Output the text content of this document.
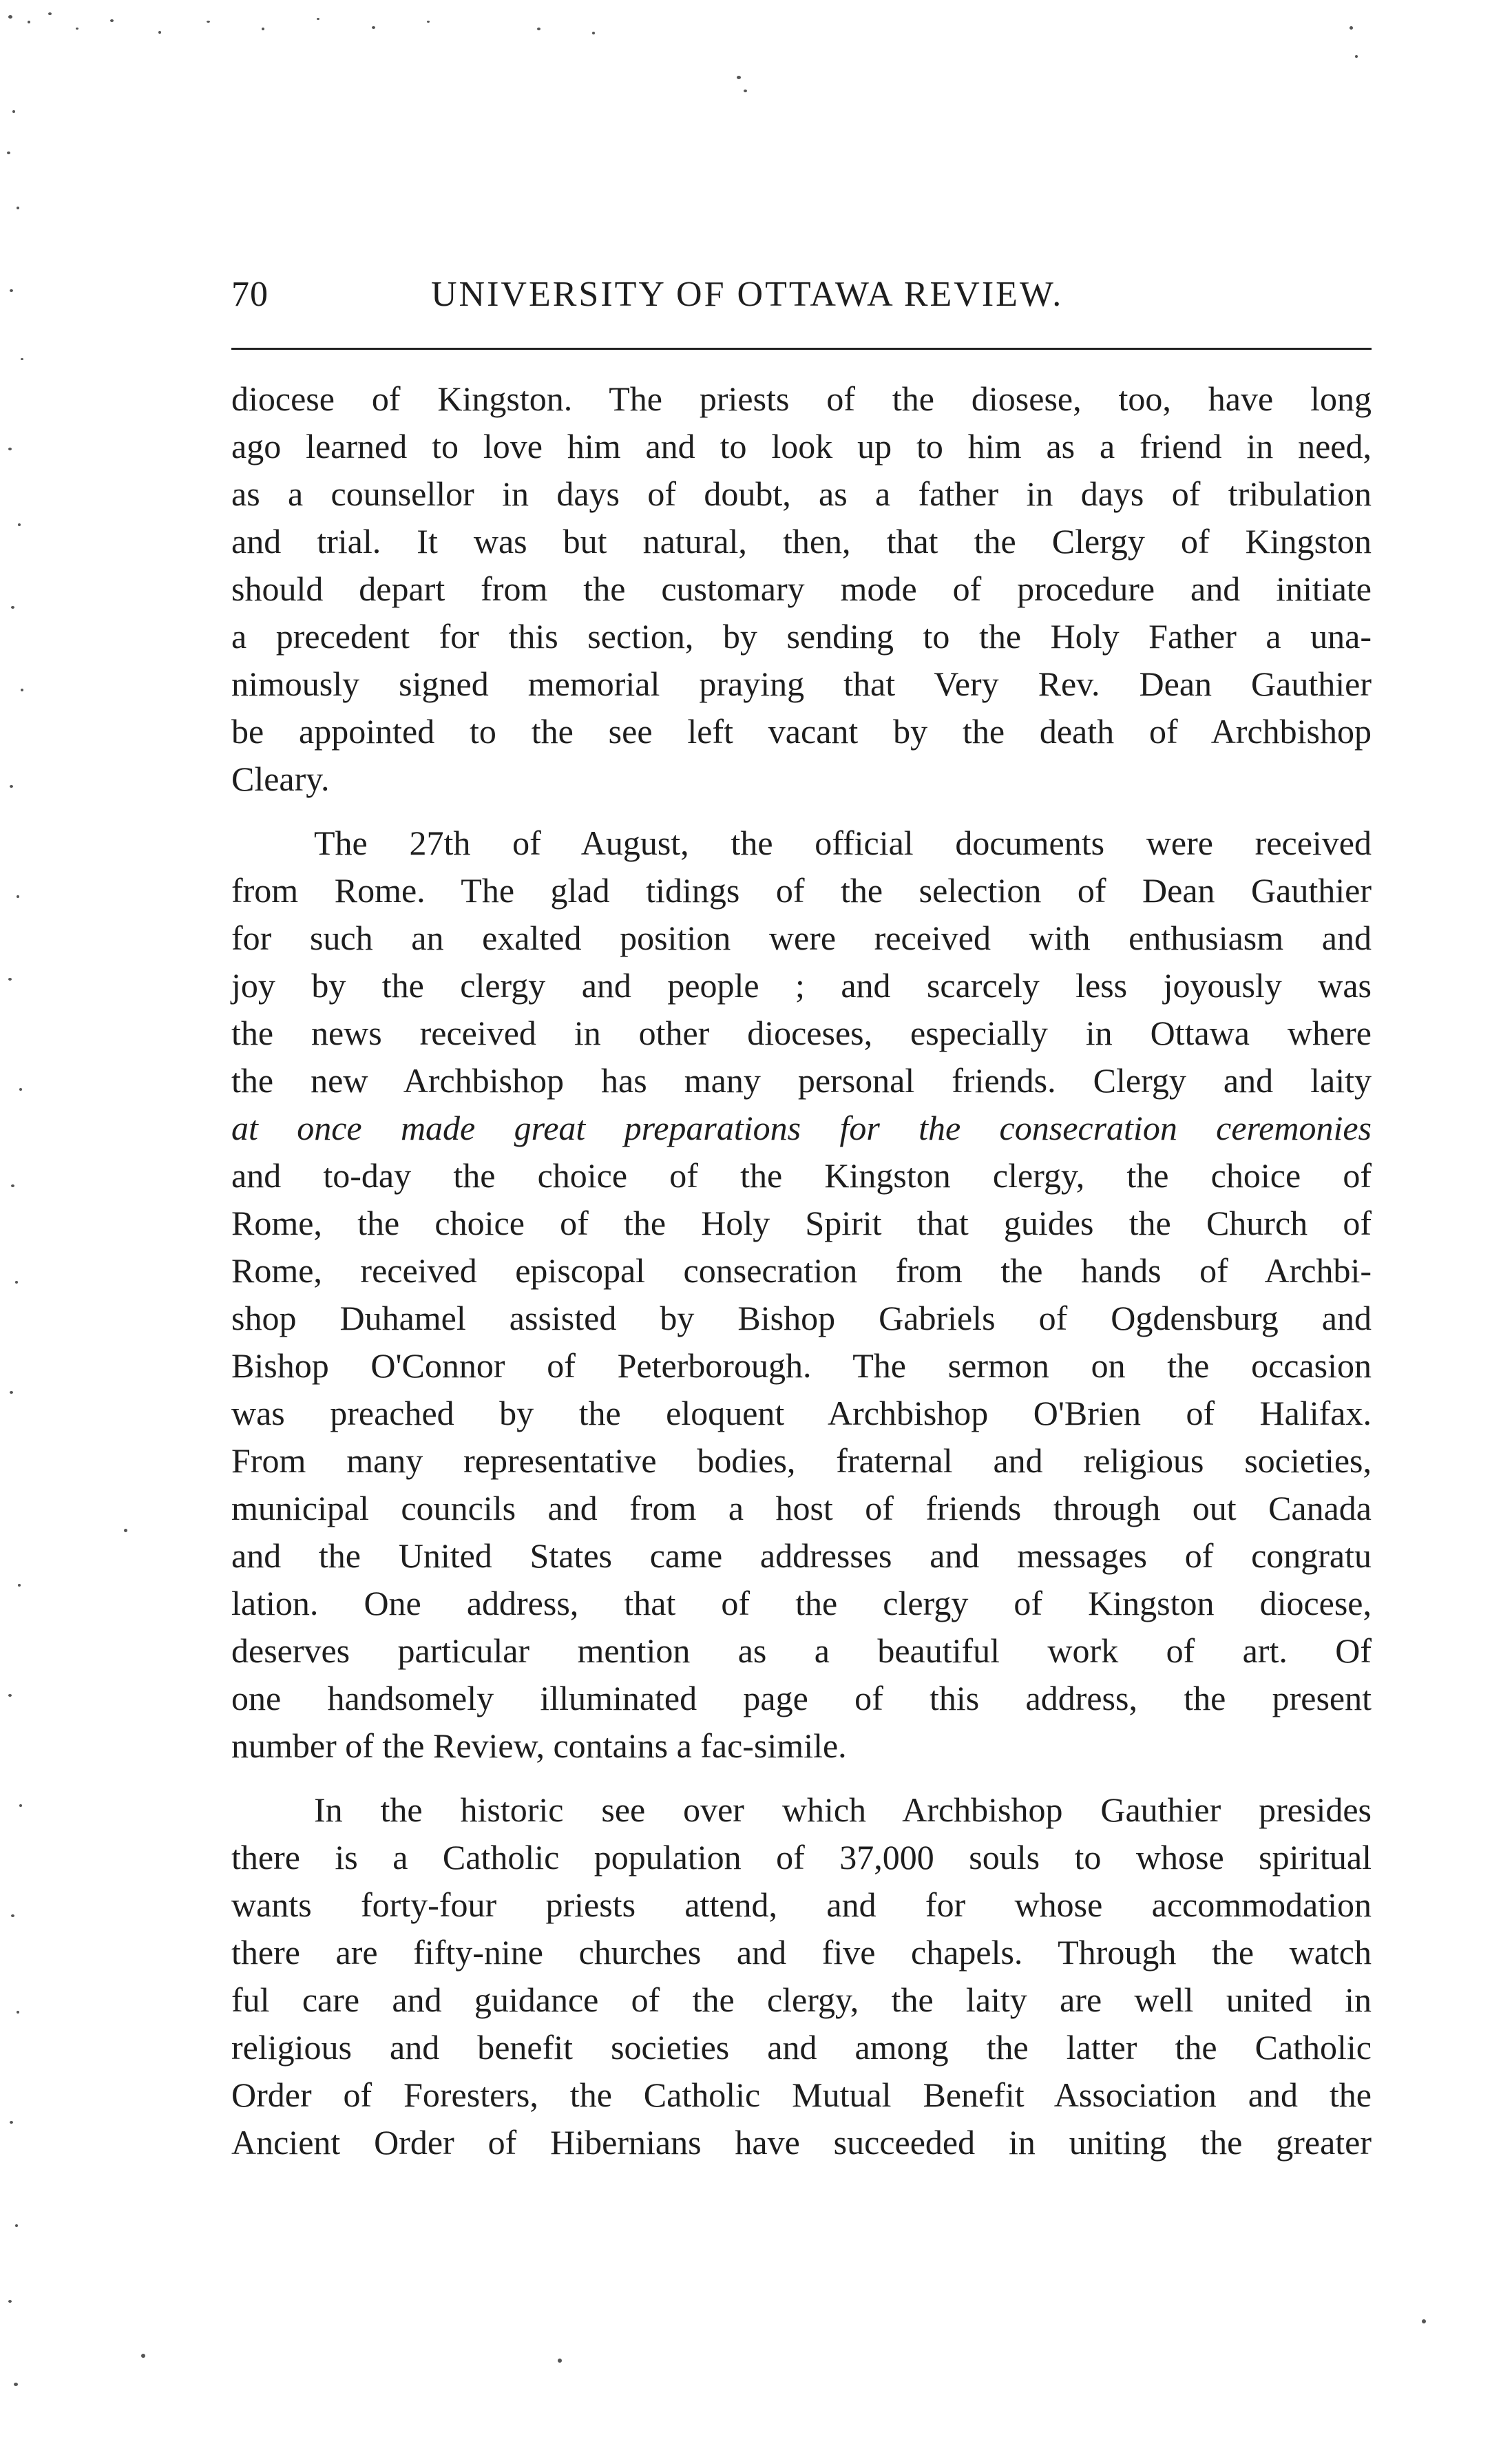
70	UNIVERSITY OF OTTAWA REVIEW.
diocese of Kingston. The priests of the diosese, too, have long
ago learned to love him and to look up to him as a friend in need,
as a counsellor in days of doubt, as a father in days of tribulation
and trial. It was but natural, then, that the Clergy of Kingston
should depart from the customary mode of procedure and initiate
a precedent for this section, by sending to the Holy Father a una-
nimously signed memorial praying that Very Rev. Dean Gauthier
be appointed to the see left vacant by the death of Archbishop
Cleary.
The 27th of August, the official documents were received
from Rome. The glad tidings of the selection of Dean Gauthier
for such an exalted position were received with enthusiasm and
joy by the clergy and people ; and scarcely less joyously was
the news received in other dioceses, especially in Ottawa where
the new Archbishop has many personal friends. Clergy and laity
at once made great preparations for the consecration ceremonies
and to-day the choice of the Kingston clergy, the choice of
Rome, the choice of the Holy Spirit that guides the Church of
Rome, received episcopal consecration from the hands of Archbi-
shop Duhamel assisted by Bishop Gabriels of Ogdensburg and
Bishop O'Connor of Peterborough. The sermon on the occasion
was preached by the eloquent Archbishop O'Brien of Halifax.
From many representative bodies, fraternal and religious societies,
municipal councils and from a host of friends through out Canada
and the United States came addresses and messages of congratu
lation. One address, that of the clergy of Kingston diocese,
deserves particular mention as a beautiful work of art. Of
one handsomely illuminated page of this address, the present
number of the Review, contains a fac-simile.
In the historic see over which Archbishop Gauthier presides
there is a Catholic population of 37,000 souls to whose spiritual
wants forty-four priests attend, and for whose accommodation
there are fifty-nine churches and five chapels. Through the watch
ful care and guidance of the clergy, the laity are well united in
religious and benefit societies and among the latter the Catholic
Order of Foresters, the Catholic Mutual Benefit Association and the
Ancient Order of Hibernians have succeeded in uniting the greater
